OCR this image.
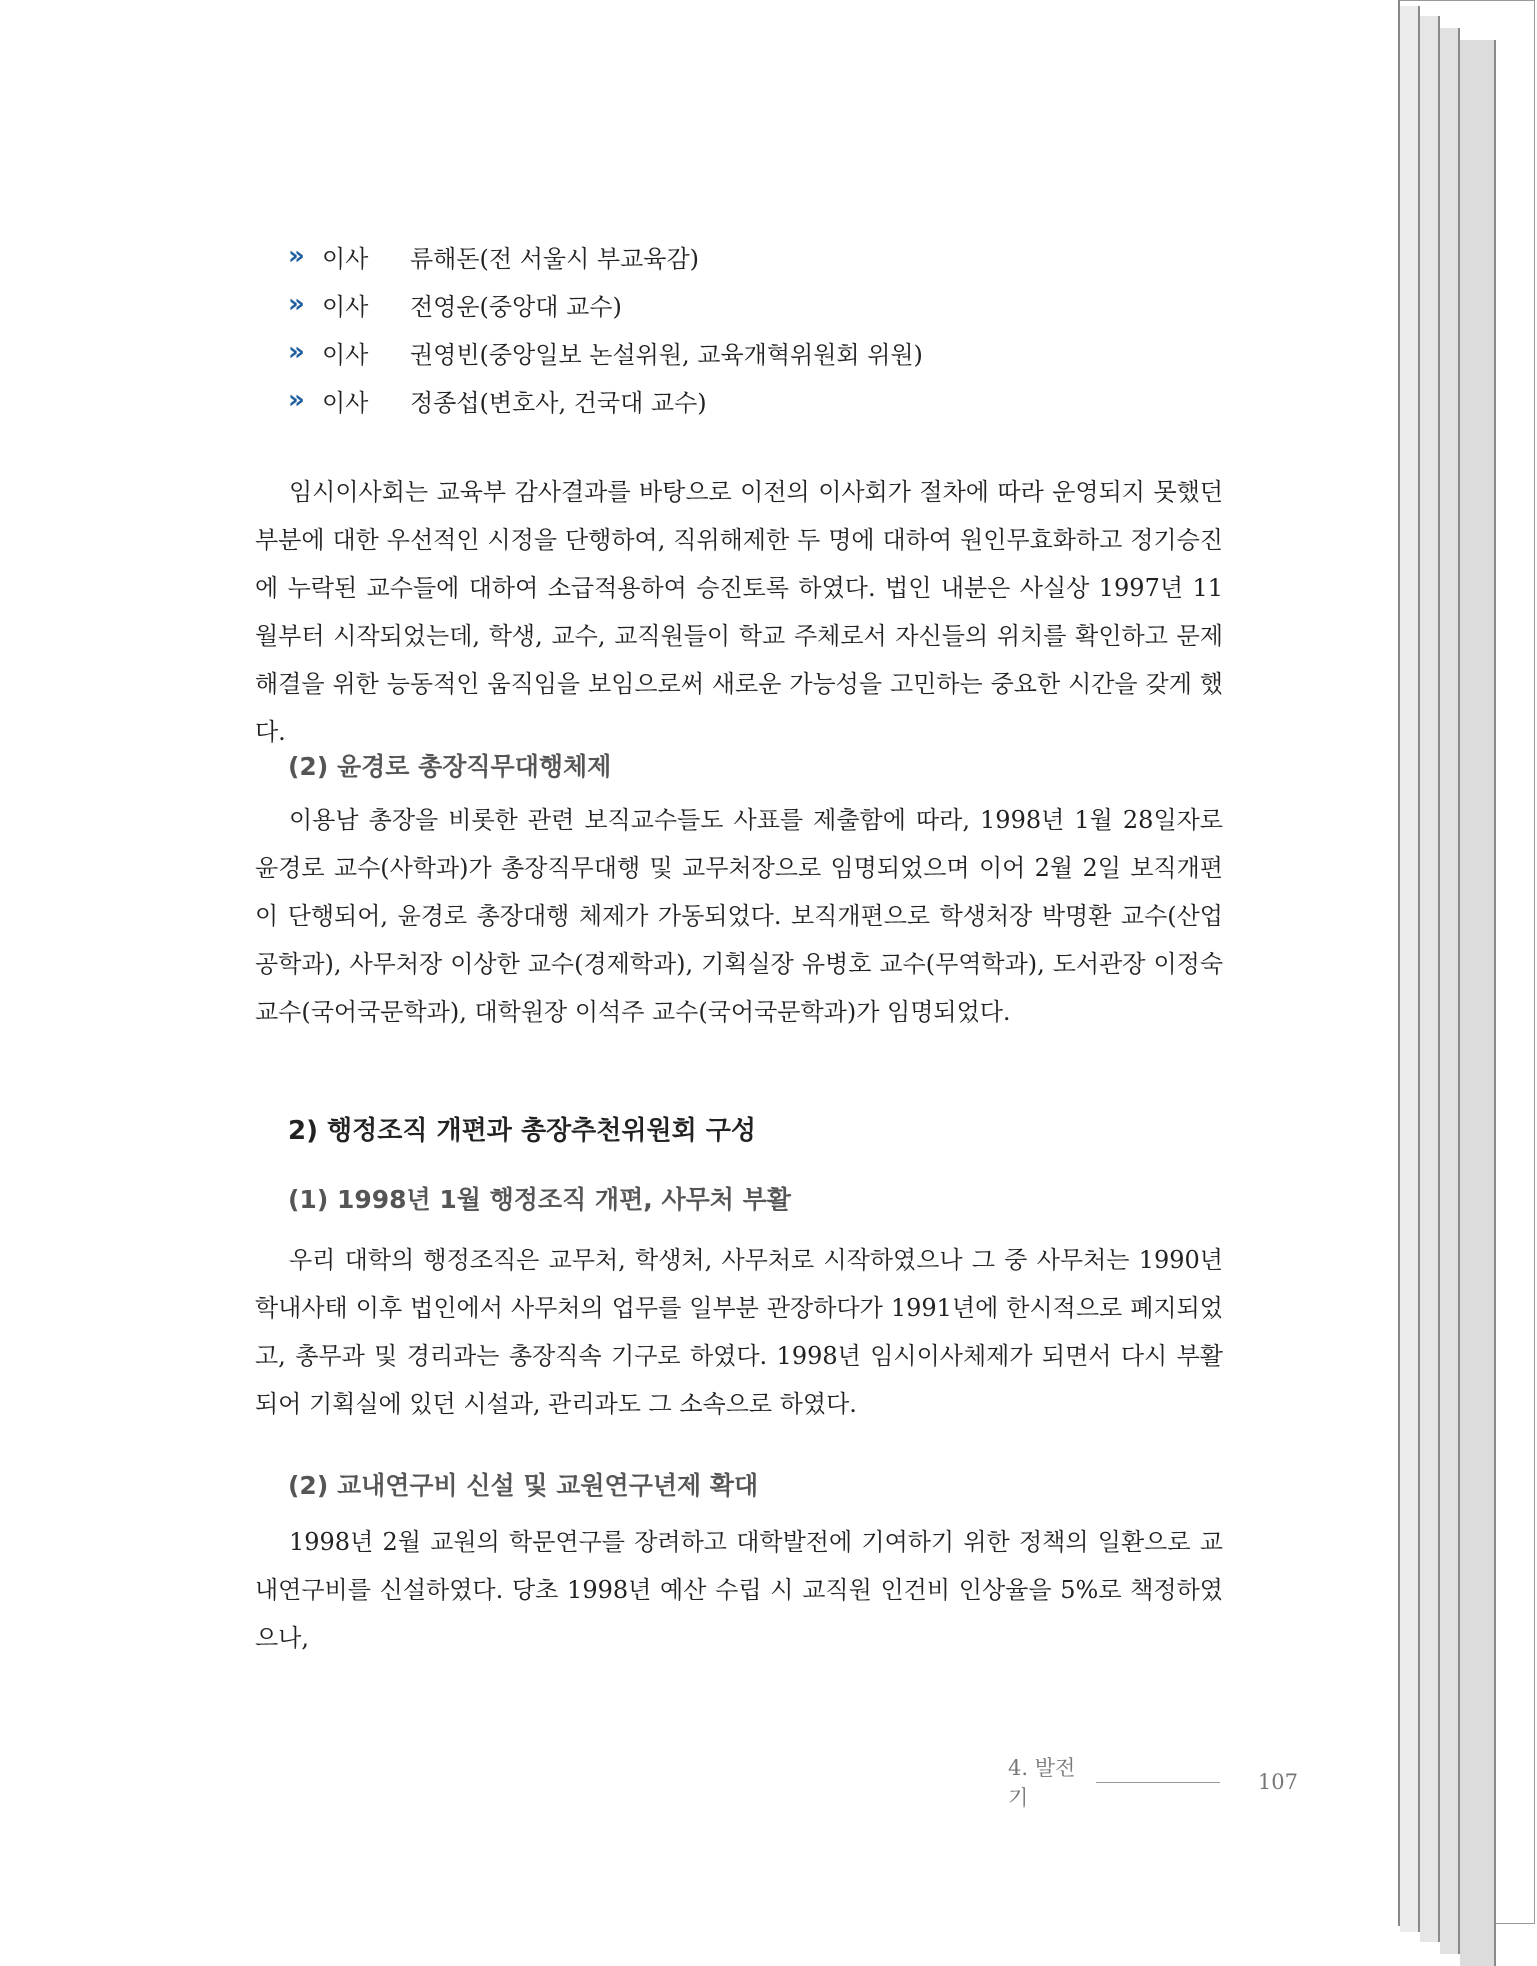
» 이사	류해돈(전 서울시 부교육감)
» 이사	전영운(중앙대 교수)
» 이사	권영빈(중앙일보 논설위원, 교육개혁위원회 위원)
» 이사	정종섭(변호사, 건국대 교수)

임시이사회는 교육부 감사결과를 바탕으로 이전의 이사회가 절차에 따라 운영되지 못했던 부분에 대한 우선적인 시정을 단행하여, 직위해제한 두 명에 대하여 원인무효화하고 정기승진에 누락된 교수들에 대하여 소급적용하여 승진토록 하였다. 법인 내분은 사실상 1997년 11월부터 시작되었는데, 학생, 교수, 교직원들이 학교 주체로서 자신들의 위치를 확인하고 문제해결을 위한 능동적인 움직임을 보임으로써 새로운 가능성을 고민하는 중요한 시간을 갖게 했다.

(2) 윤경로 총장직무대행체제

이용남 총장을 비롯한 관련 보직교수들도 사표를 제출함에 따라, 1998년 1월 28일자로 윤경로 교수(사학과)가 총장직무대행 및 교무처장으로 임명되었으며 이어 2월 2일 보직개편이 단행되어, 윤경로 총장대행 체제가 가동되었다. 보직개편으로 학생처장 박명환 교수(산업공학과), 사무처장 이상한 교수(경제학과), 기획실장 유병호 교수(무역학과), 도서관장 이정숙 교수(국어국문학과), 대학원장 이석주 교수(국어국문학과)가 임명되었다.

2) 행정조직 개편과 총장추천위원회 구성
(1) 1998년 1월 행정조직 개편, 사무처 부활

우리 대학의 행정조직은 교무처, 학생처, 사무처로 시작하였으나 그 중 사무처는 1990년 학내사태 이후 법인에서 사무처의 업무를 일부분 관장하다가 1991년에 한시적으로 폐지되었고, 총무과 및 경리과는 총장직속 기구로 하였다. 1998년 임시이사체제가 되면서 다시 부활되어 기획실에 있던 시설과, 관리과도 그 소속으로 하였다.

(2) 교내연구비 신설 및 교원연구년제 확대

1998년 2월 교원의 학문연구를 장려하고 대학발전에 기여하기 위한 정책의 일환으로 교내연구비를 신설하였다. 당초 1998년 예산 수립 시 교직원 인건비 인상율을 5%로 책정하였으나,

4. 발전기
107
